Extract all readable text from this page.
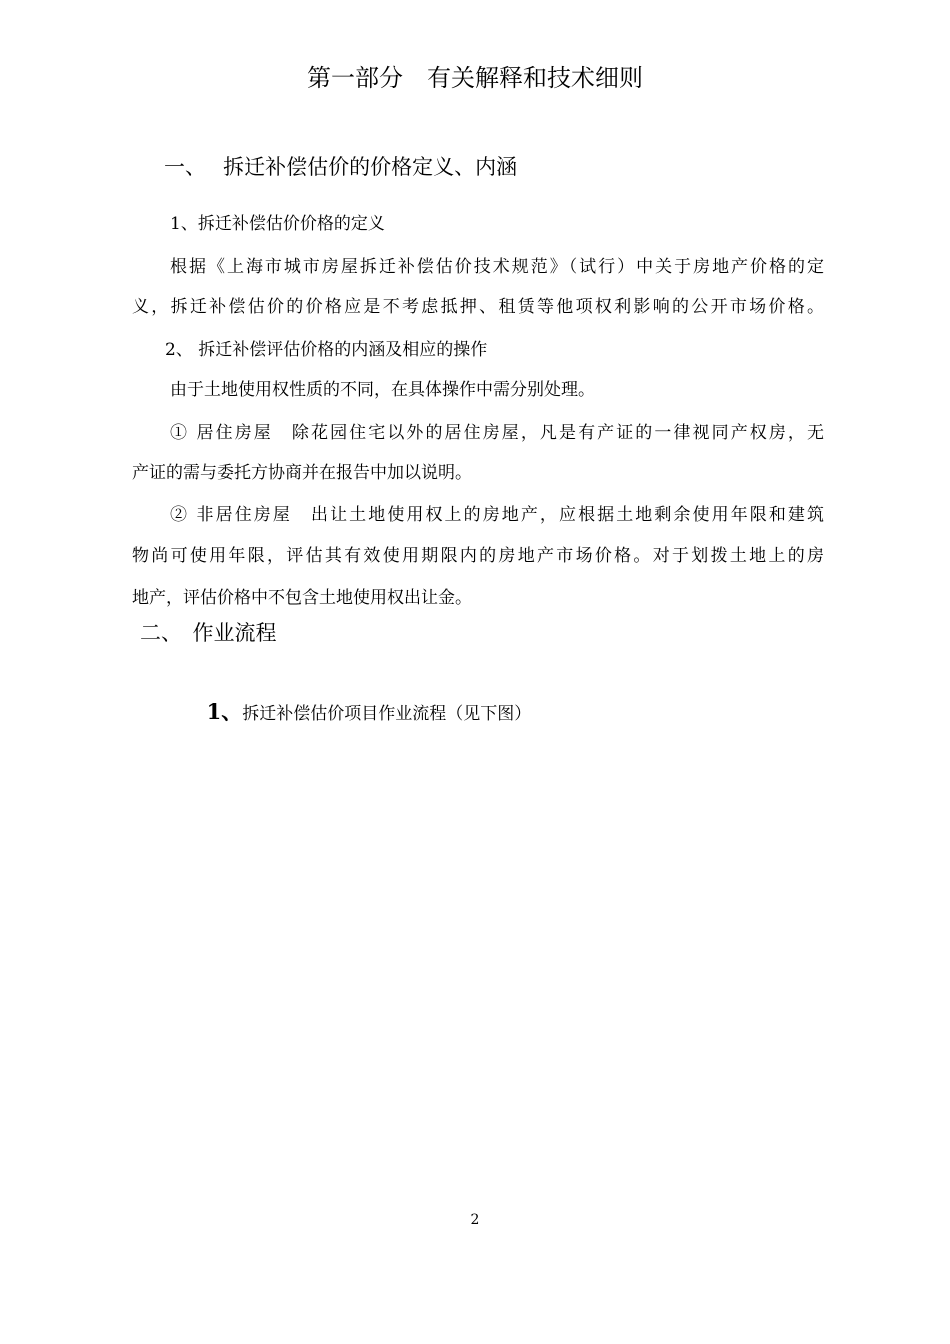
第一部分　有关解释和技术细则
一、　 拆迁补偿估价的价格定义、内涵
1、拆迁补偿估价价格的定义
根据《上海市城市房屋拆迁补偿估价技术规范》（试行）中关于房地产价格的定
义，拆迁补偿估价的价格应是不考虑抵押、租赁等他项权利影响的公开市场价格。
2、 拆迁补偿评估价格的内涵及相应的操作
由于土地使用权性质的不同，在具体操作中需分别处理。
① 居住房屋　除花园住宅以外的居住房屋，凡是有产证的一律视同产权房，无
产证的需与委托方协商并在报告中加以说明。
② 非居住房屋　出让土地使用权上的房地产，应根据土地剩余使用年限和建筑
物尚可使用年限，评估其有效使用期限内的房地产市场价格。对于划拨土地上的房
地产，评估价格中不包含土地使用权出让金。
二、　作业流程

1、拆迁补偿估价项目作业流程（见下图）

2
